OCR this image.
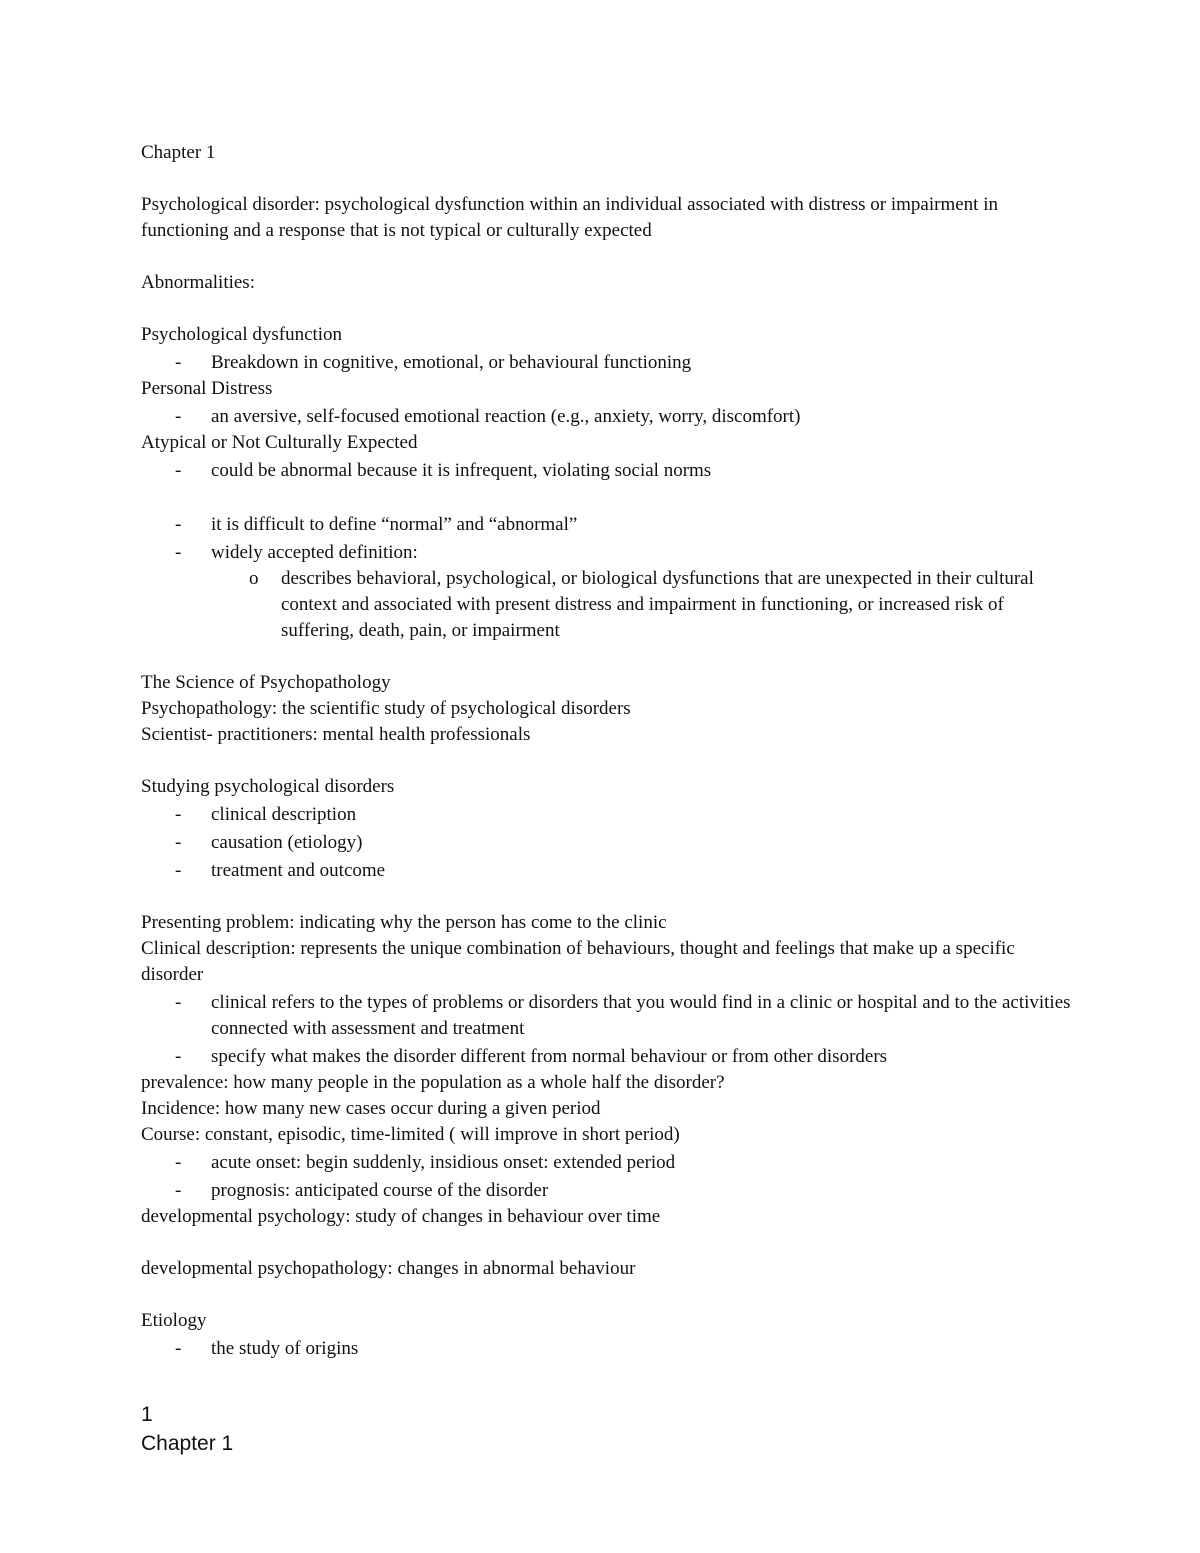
Chapter 1
Psychological disorder: psychological dysfunction within an individual associated with distress or impairment in functioning and a response that is not typical or culturally expected
Abnormalities:
Psychological dysfunction
- Breakdown in cognitive, emotional, or behavioural functioning
Personal Distress
- an aversive, self-focused emotional reaction (e.g., anxiety, worry, discomfort)
Atypical or Not Culturally Expected
- could be abnormal because it is infrequent, violating social norms
- it is difficult to define “normal” and “abnormal”
- widely accepted definition:
o describes behavioral, psychological, or biological dysfunctions that are unexpected in their cultural context and associated with present distress and impairment in functioning, or increased risk of suffering, death, pain, or impairment
The Science of Psychopathology
Psychopathology: the scientific study of psychological disorders
Scientist- practitioners: mental health professionals
Studying psychological disorders
- clinical description
- causation (etiology)
- treatment and outcome
Presenting problem: indicating why the person has come to the clinic
Clinical description: represents the unique combination of behaviours, thought and feelings that make up a specific disorder
- clinical refers to the types of problems or disorders that you would find in a clinic or hospital and to the activities connected with assessment and treatment
- specify what makes the disorder different from normal behaviour or from other disorders
prevalence: how many people in the population as a whole half the disorder?
Incidence: how many new cases occur during a given period
Course: constant, episodic, time-limited ( will improve in short period)
- acute onset: begin suddenly, insidious onset: extended period
- prognosis: anticipated course of the disorder
developmental psychology: study of changes in behaviour over time
developmental psychopathology: changes in abnormal behaviour
Etiology
- the study of origins
1
Chapter 1
